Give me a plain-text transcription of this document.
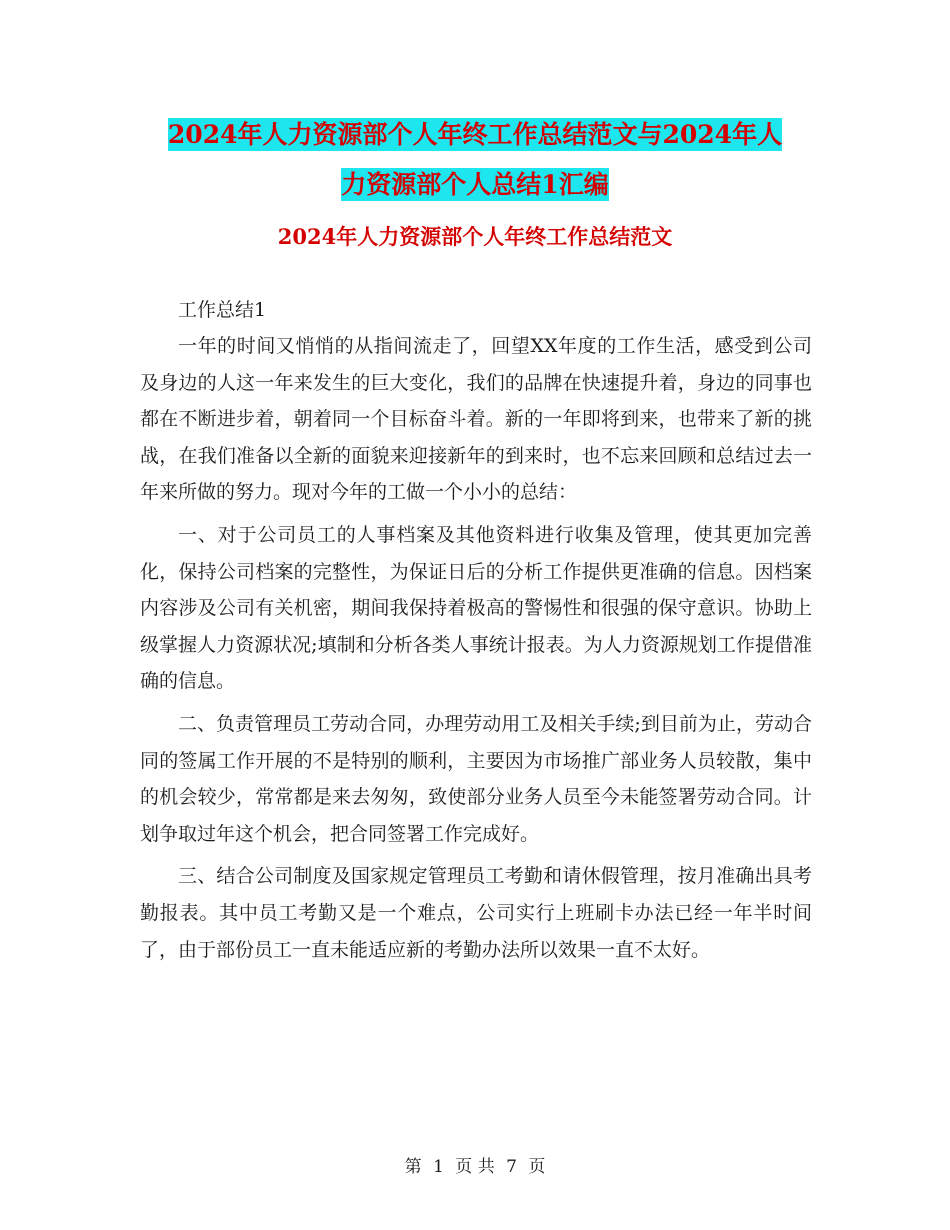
2024年人力资源部个人年终工作总结范文与2024年人
力资源部个人总结1汇编
2024年人力资源部个人年终工作总结范文

工作总结1

一年的时间又悄悄的从指间流走了，回望XX年度的工作生活，感受到公司及身边的人这一年来发生的巨大变化，我们的品牌在快速提升着，身边的同事也都在不断进步着，朝着同一个目标奋斗着。新的一年即将到来，也带来了新的挑战，在我们准备以全新的面貌来迎接新年的到来时，也不忘来回顾和总结过去一年来所做的努力。现对今年的工做一个小小的总结：

一、对于公司员工的人事档案及其他资料进行收集及管理，使其更加完善化，保持公司档案的完整性，为保证日后的分析工作提供更准确的信息。因档案内容涉及公司有关机密，期间我保持着极高的警惕性和很强的保守意识。协助上级掌握人力资源状况;填制和分析各类人事统计报表。为人力资源规划工作提借准确的信息。

二、负责管理员工劳动合同，办理劳动用工及相关手续;到目前为止，劳动合同的签属工作开展的不是特别的顺利，主要因为市场推广部业务人员较散，集中的机会较少，常常都是来去匆匆，致使部分业务人员至今未能签署劳动合同。计划争取过年这个机会，把合同签署工作完成好。

三、结合公司制度及国家规定管理员工考勤和请休假管理，按月准确出具考勤报表。其中员工考勤又是一个难点，公司实行上班刷卡办法已经一年半时间了，由于部份员工一直未能适应新的考勤办法所以效果一直不太好。

第 1 页 共 7 页
